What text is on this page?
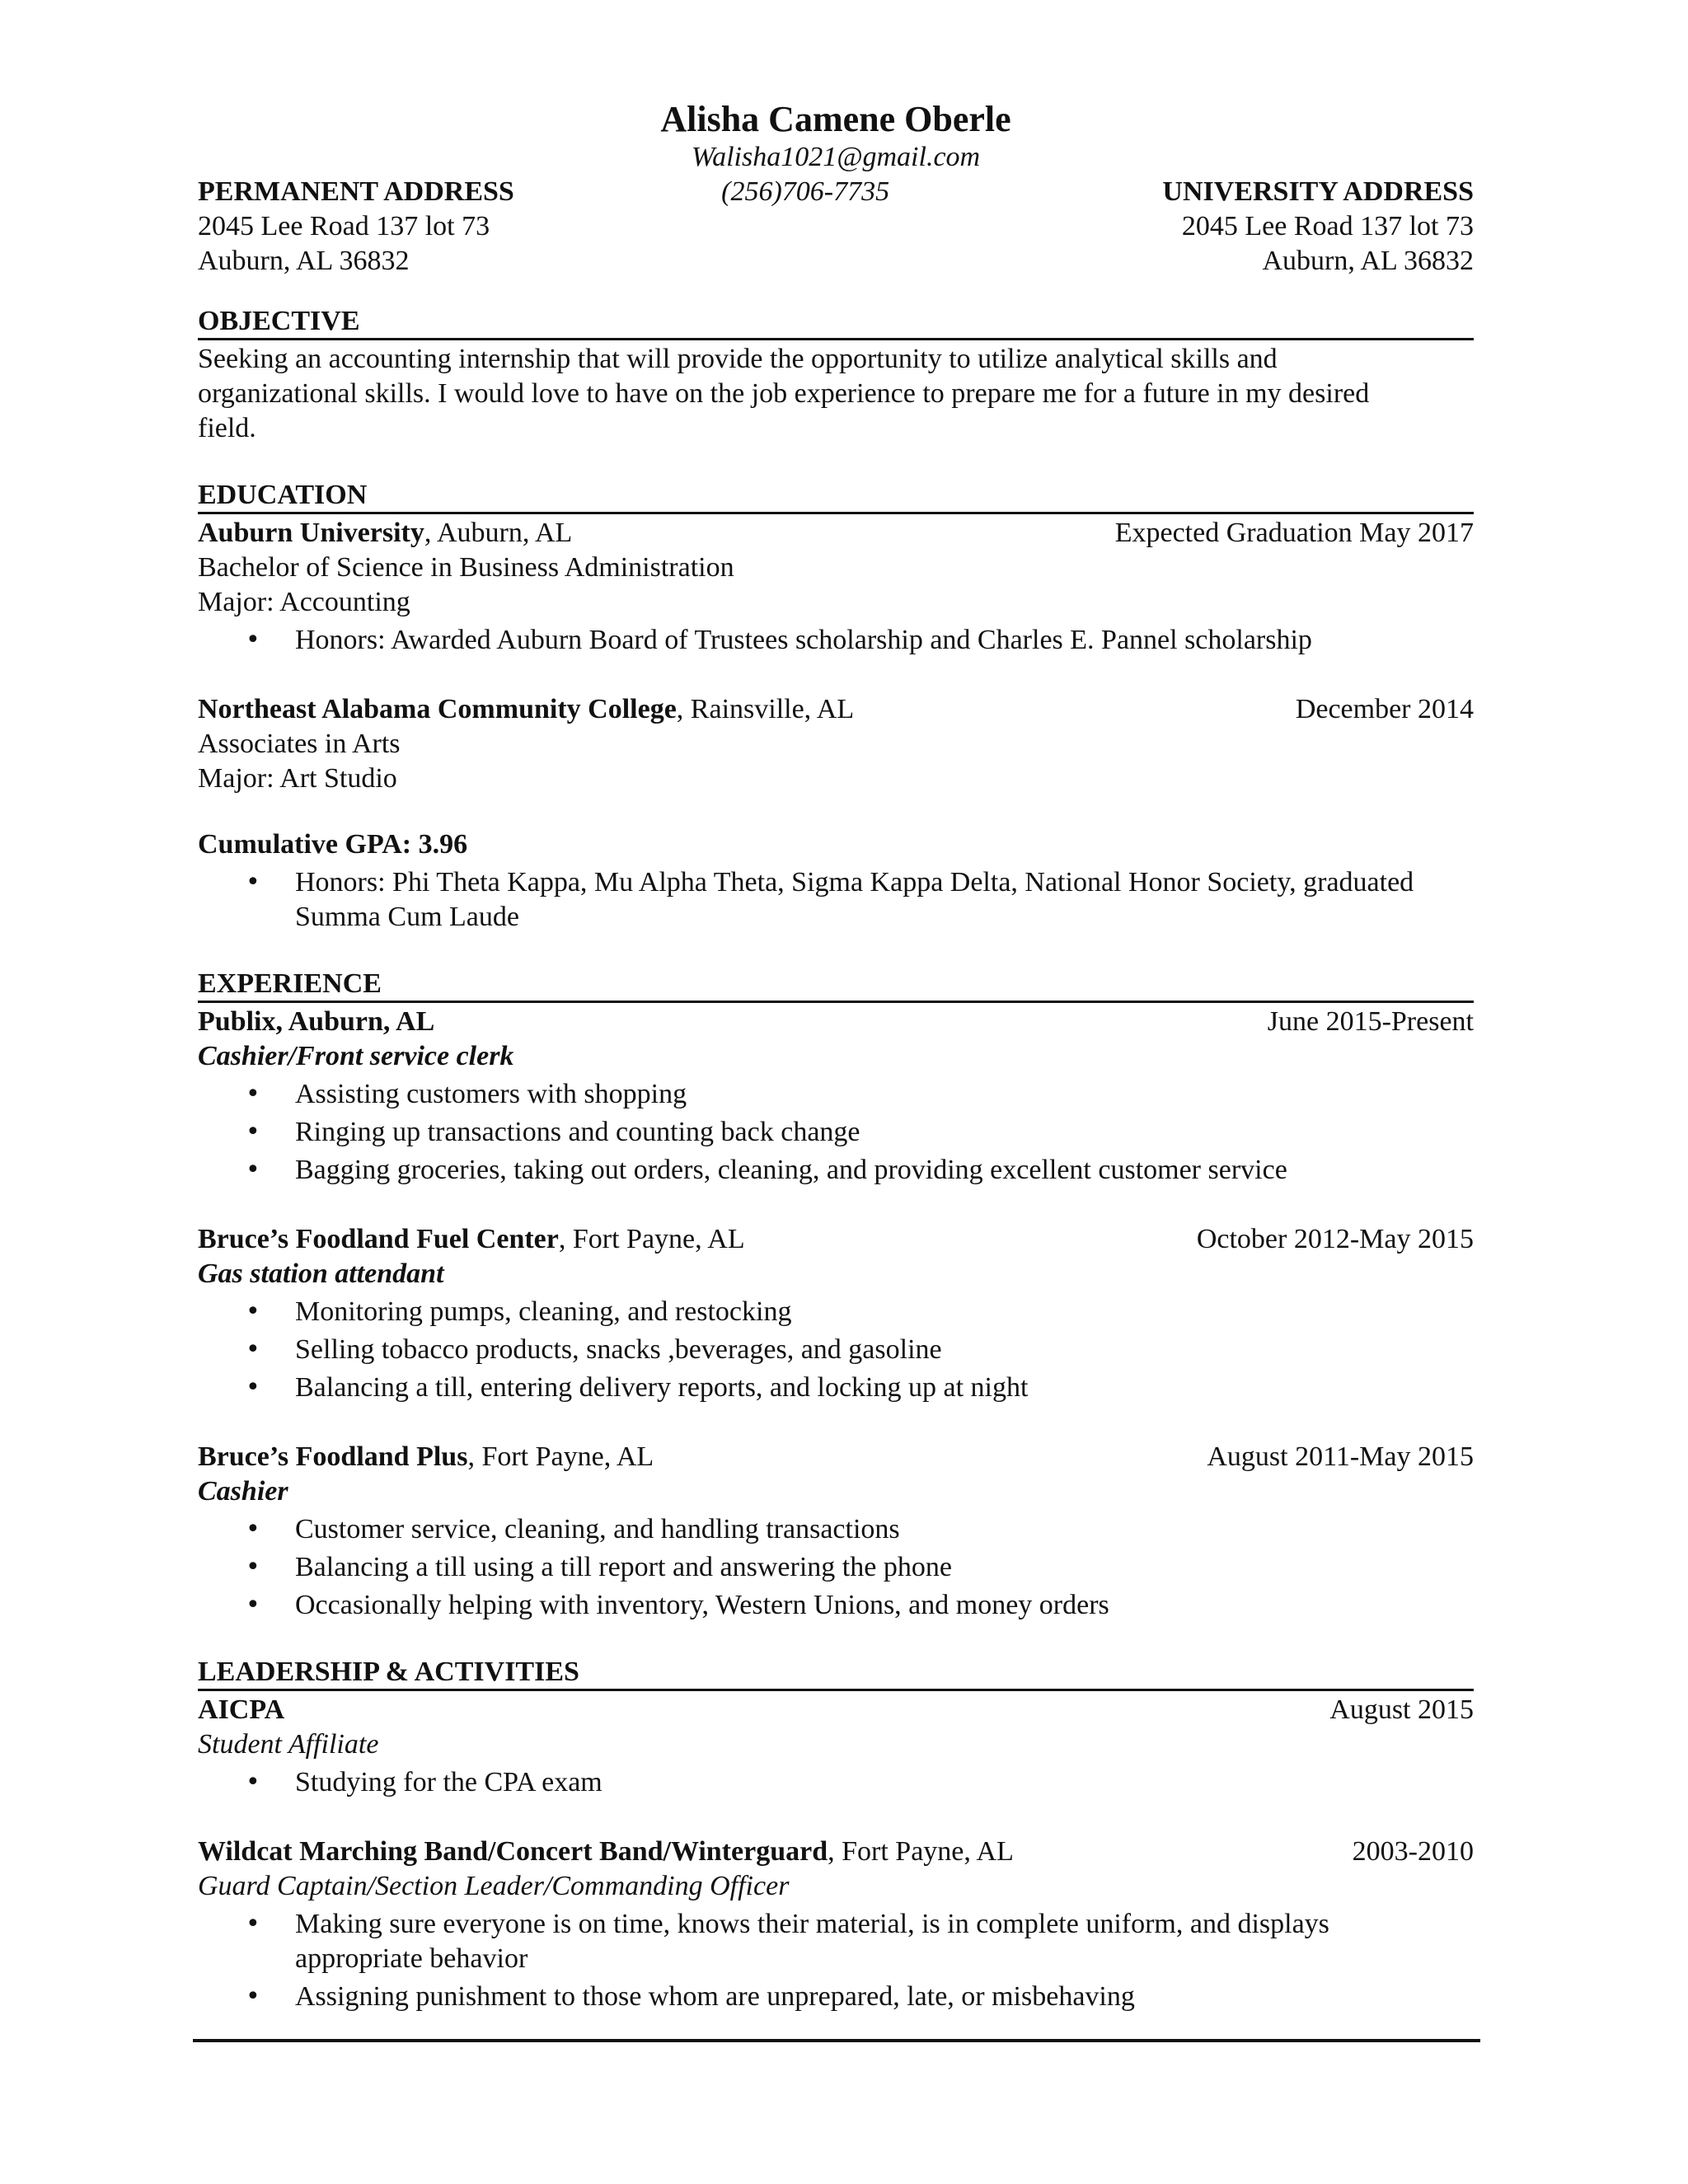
Alisha Camene Oberle
Walisha1021@gmail.com
PERMANENT ADDRESS
2045 Lee Road 137 lot 73
Auburn, AL 36832
(256)706-7735	UNIVERSITY ADDRESS
2045 Lee Road 137 lot 73
Auburn, AL 36832
OBJECTIVE
Seeking an accounting internship that will provide the opportunity to utilize analytical skills and organizational skills. I would love to have on the job experience to prepare me for a future in my desired field.
EDUCATION
Auburn University, Auburn, AL	Expected Graduation May 2017
Bachelor of Science in Business Administration
Major: Accounting
• Honors: Awarded Auburn Board of Trustees scholarship and Charles E. Pannel scholarship
Northeast Alabama Community College, Rainsville, AL	December 2014
Associates in Arts
Major: Art Studio
Cumulative GPA: 3.96
• Honors: Phi Theta Kappa, Mu Alpha Theta, Sigma Kappa Delta, National Honor Society, graduated Summa Cum Laude
EXPERIENCE
Publix, Auburn, AL	June 2015-Present
Cashier/Front service clerk
• Assisting customers with shopping
• Ringing up transactions and counting back change
• Bagging groceries, taking out orders, cleaning, and providing excellent customer service
Bruce’s Foodland Fuel Center, Fort Payne, AL	October 2012-May 2015
Gas station attendant
• Monitoring pumps, cleaning, and restocking
• Selling tobacco products, snacks ,beverages, and gasoline
• Balancing a till, entering delivery reports, and locking up at night
Bruce’s Foodland Plus, Fort Payne, AL	August 2011-May 2015
Cashier
• Customer service, cleaning, and handling transactions
• Balancing a till using a till report and answering the phone
• Occasionally helping with inventory, Western Unions, and money orders
LEADERSHIP & ACTIVITIES
AICPA	August 2015
Student Affiliate
• Studying for the CPA exam
Wildcat Marching Band/Concert Band/Winterguard, Fort Payne, AL	2003-2010
Guard Captain/Section Leader/Commanding Officer
• Making sure everyone is on time, knows their material, is in complete uniform, and displays appropriate behavior
• Assigning punishment to those whom are unprepared, late, or misbehaving
